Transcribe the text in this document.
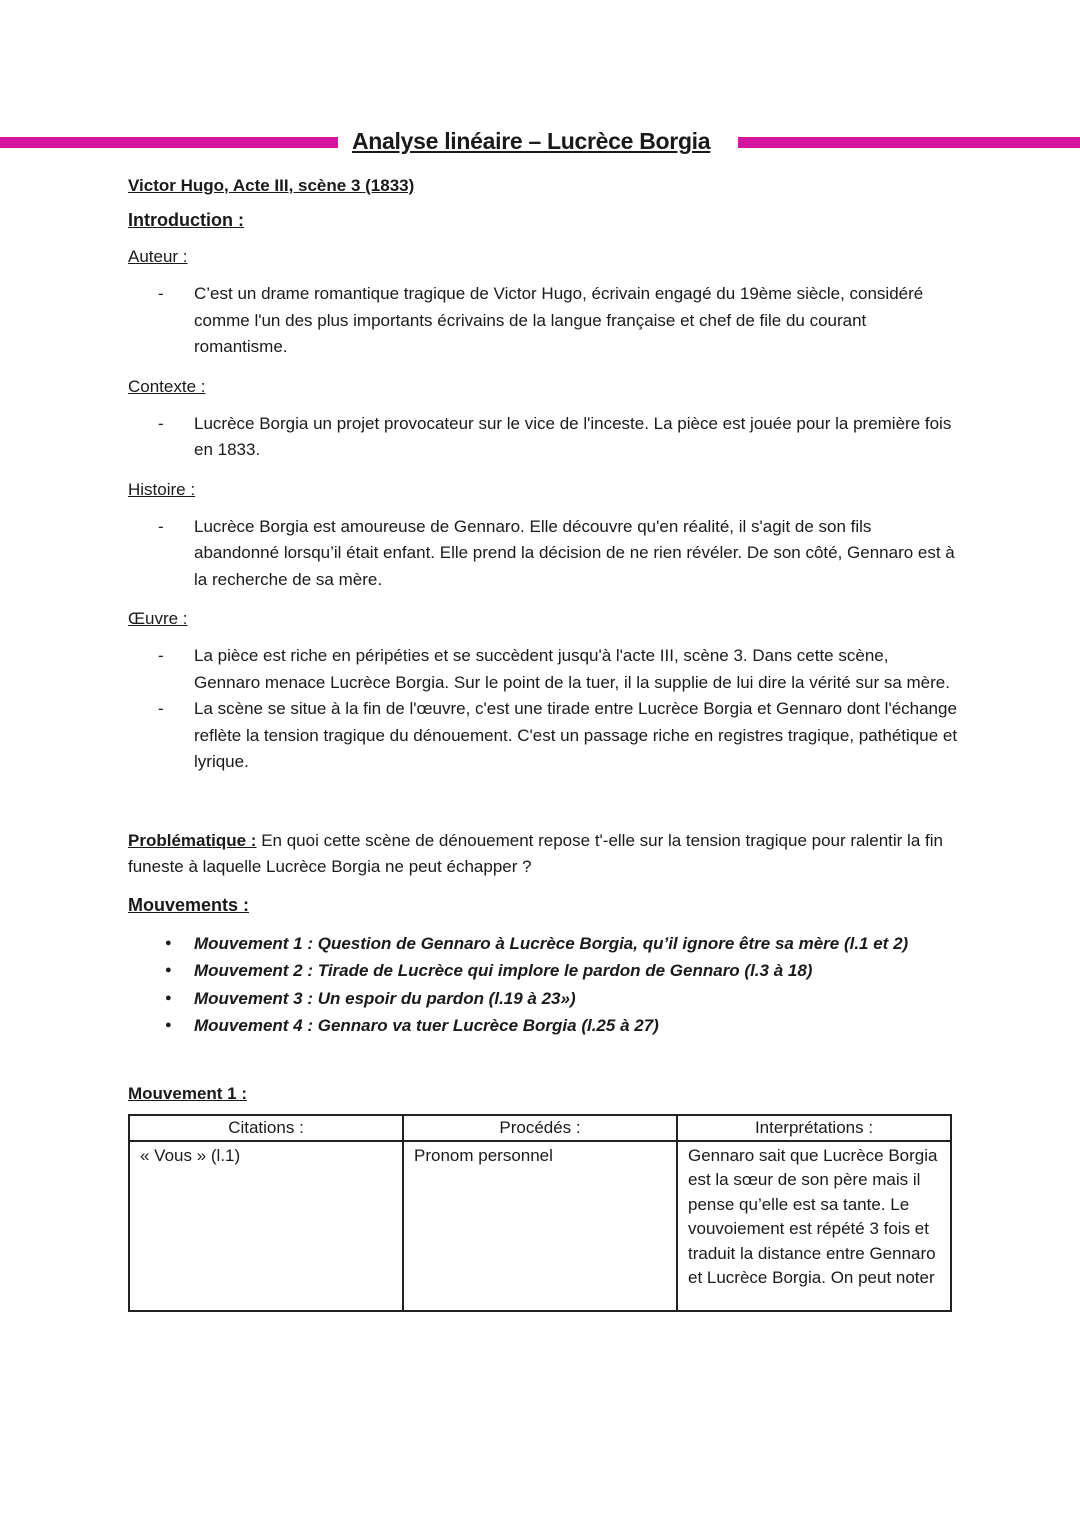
Analyse linéaire – Lucrèce Borgia
Victor Hugo, Acte III, scène 3 (1833)
Introduction :
Auteur :
- C’est un drame romantique tragique de Victor Hugo, écrivain engagé du 19ème siècle, considéré comme l'un des plus importants écrivains de la langue française et chef de file du courant romantisme.
Contexte :
- Lucrèce Borgia un projet provocateur sur le vice de l'inceste. La pièce est jouée pour la première fois en 1833.
Histoire :
- Lucrèce Borgia est amoureuse de Gennaro. Elle découvre qu'en réalité, il s'agit de son fils abandonné lorsqu’il était enfant. Elle prend la décision de ne rien révéler. De son côté, Gennaro est à la recherche de sa mère.
Œuvre :
- La pièce est riche en péripéties et se succèdent jusqu'à l'acte III, scène 3. Dans cette scène, Gennaro menace Lucrèce Borgia. Sur le point de la tuer, il la supplie de lui dire la vérité sur sa mère.
- La scène se situe à la fin de l'œuvre, c'est une tirade entre Lucrèce Borgia et Gennaro dont l'échange reflète la tension tragique du dénouement. C'est un passage riche en registres tragique, pathétique et lyrique.
Problématique : En quoi cette scène de dénouement repose t'-elle sur la tension tragique pour ralentir la fin funeste à laquelle Lucrèce Borgia ne peut échapper ?
Mouvements :
● Mouvement 1 : Question de Gennaro à Lucrèce Borgia, qu’il ignore être sa mère (l.1 et 2)
● Mouvement 2 : Tirade de Lucrèce qui implore le pardon de Gennaro (l.3 à 18)
● Mouvement 3 : Un espoir du pardon (l.19 à 23»)
● Mouvement 4 : Gennaro va tuer Lucrèce Borgia (l.25 à 27)
Mouvement 1 :
Citations :	Procédés :	Interprétations :
« Vous » (l.1)	Pronom personnel	Gennaro sait que Lucrèce Borgia est la sœur de son père mais il pense qu’elle est sa tante. Le vouvoiement est répété 3 fois et traduit la distance entre Gennaro et Lucrèce Borgia. On peut noter
